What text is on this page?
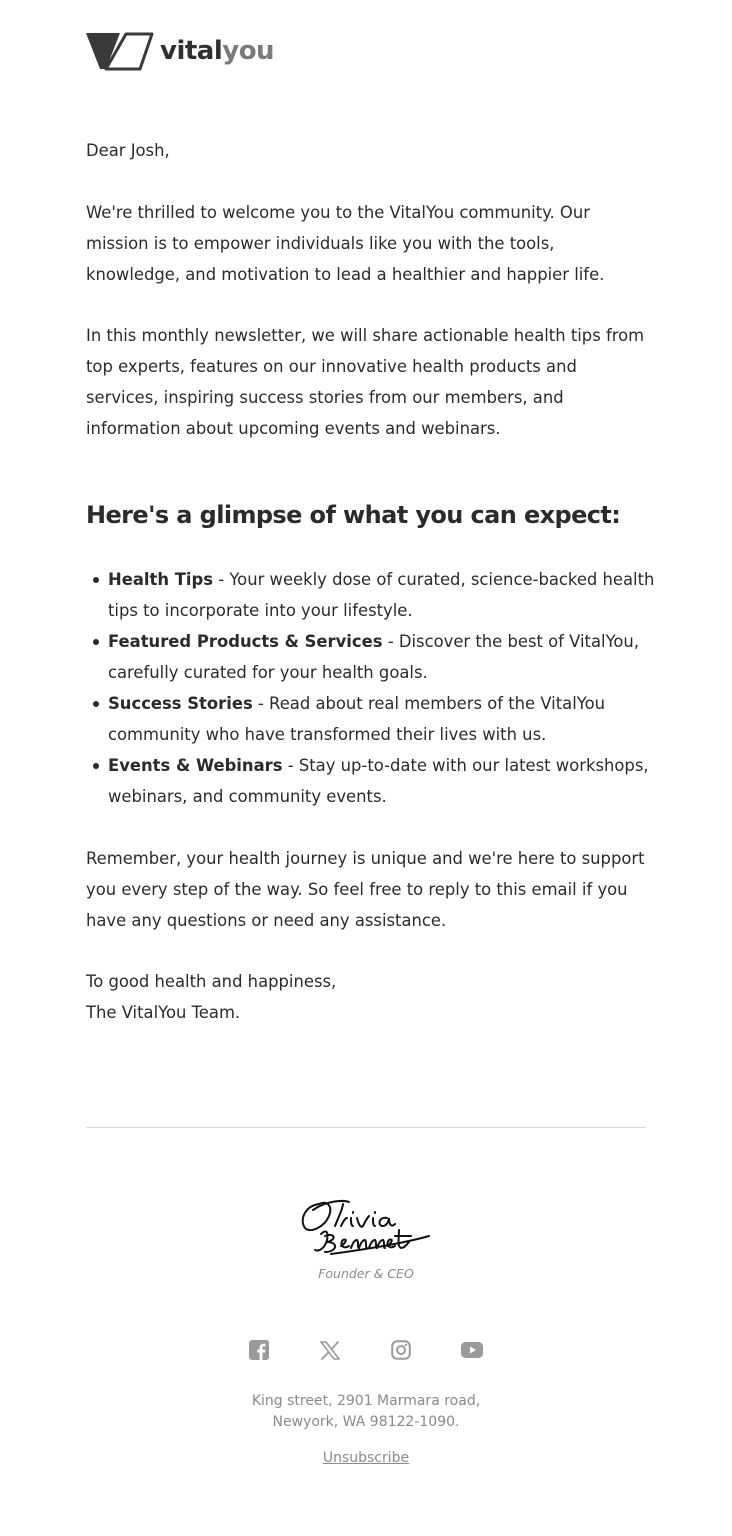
vitalyou
Dear Josh,
We're thrilled to welcome you to the VitalYou community. Our mission is to empower individuals like you with the tools, knowledge, and motivation to lead a healthier and happier life.
In this monthly newsletter, we will share actionable health tips from top experts, features on our innovative health products and services, inspiring success stories from our members, and information about upcoming events and webinars.
Here's a glimpse of what you can expect:
Health Tips - Your weekly dose of curated, science-backed health tips to incorporate into your lifestyle.
Featured Products & Services - Discover the best of VitalYou, carefully curated for your health goals.
Success Stories - Read about real members of the VitalYou community who have transformed their lives with us.
Events & Webinars - Stay up-to-date with our latest workshops, webinars, and community events.
Remember, your health journey is unique and we're here to support you every step of the way. So feel free to reply to this email if you have any questions or need any assistance.
To good health and happiness,
The VitalYou Team.
Founder & CEO
King street, 2901 Marmara road,
Newyork, WA 98122-1090.
Unsubscribe
